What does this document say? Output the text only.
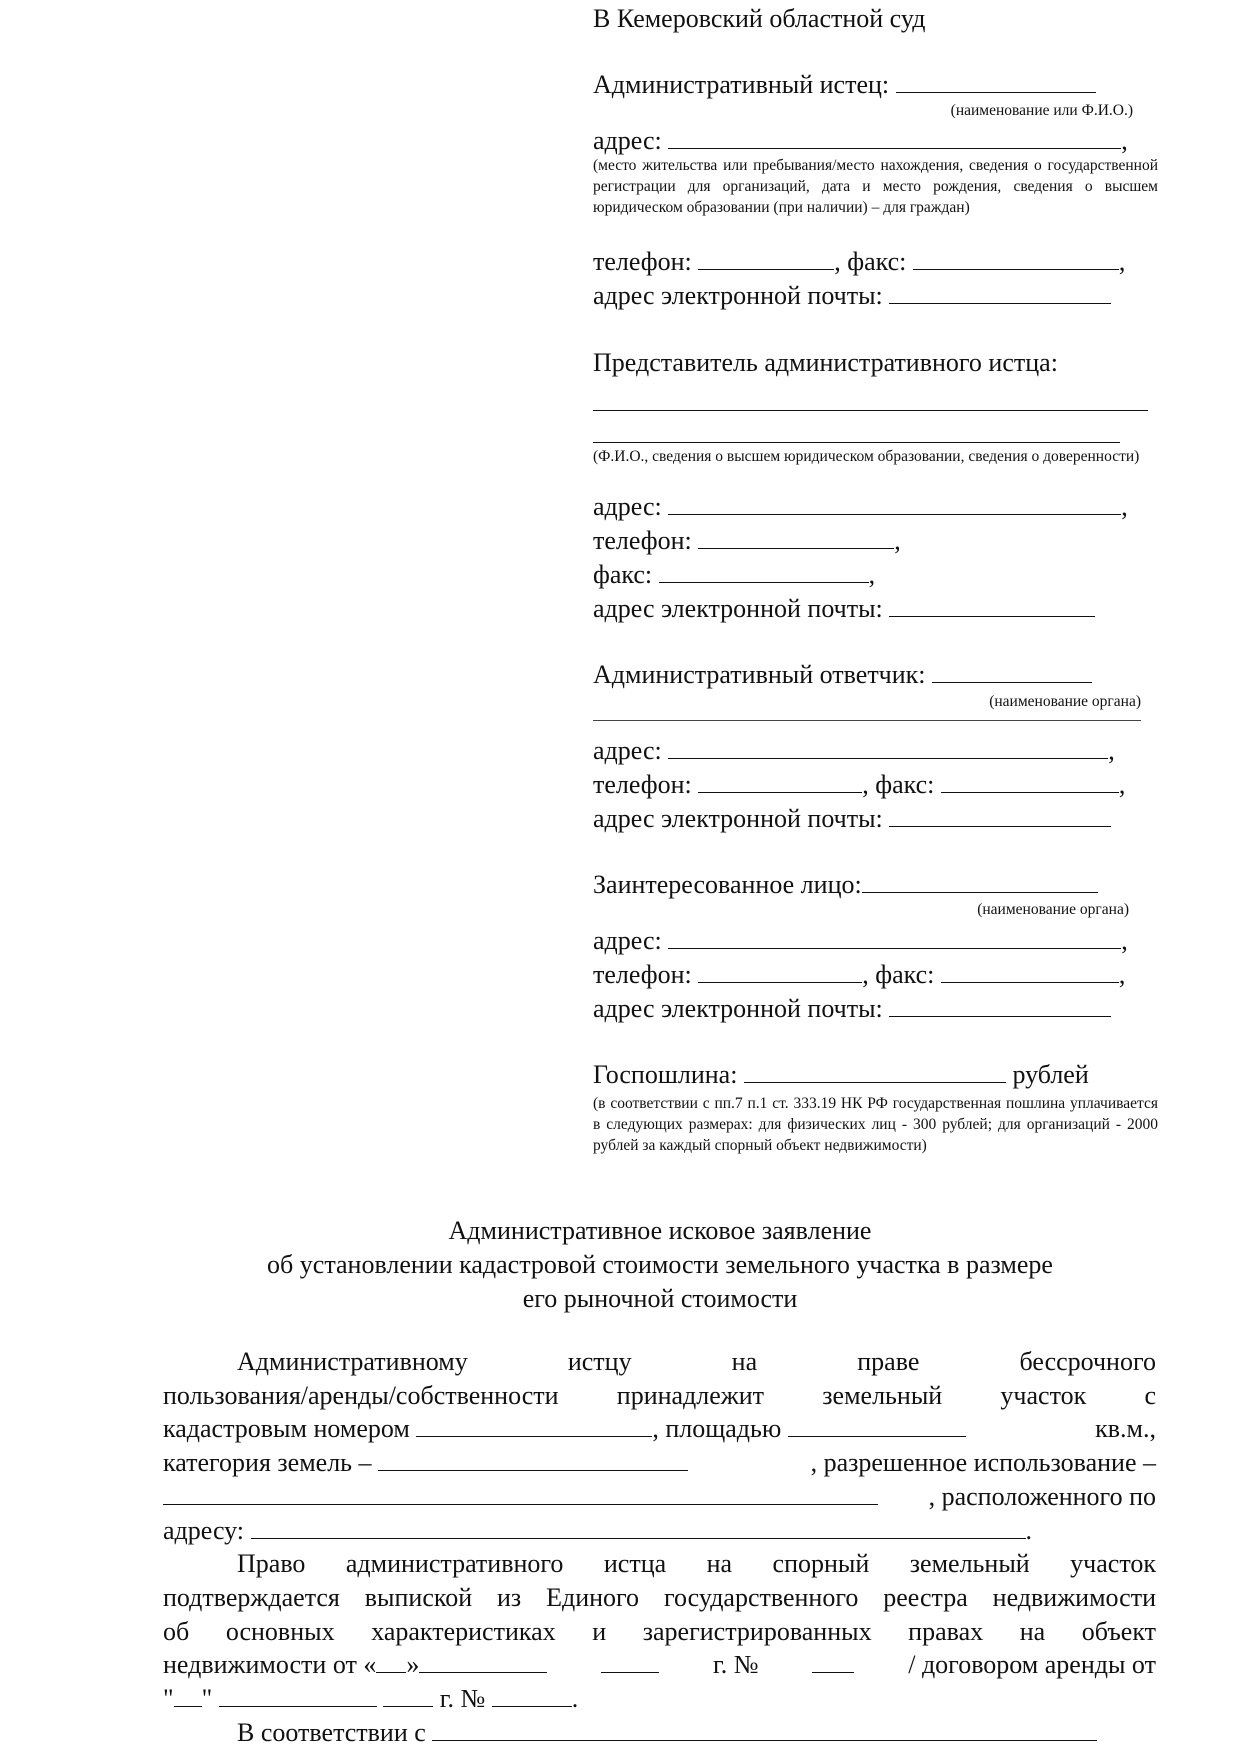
В Кемеровский областной суд
Административный истец:
(наименование или Ф.И.О.)
адрес:	,
(место жительства или пребывания/место нахождения, сведения о государственной регистрации для организаций, дата и место рождения, сведения о высшем юридическом образовании (при наличии) – для граждан)
телефон:	, факс:	,
адрес электронной почты:
Представитель административного истца:
(Ф.И.О., сведения о высшем юридическом образовании, сведения о доверенности)
адрес:	,
телефон:	,
факс:	,
адрес электронной почты:
Административный ответчик:
(наименование органа)
адрес:	,
телефон:	, факс:	,
адрес электронной почты:
Заинтересованное лицо:
(наименование органа)
адрес:	,
телефон:	, факс:	,
адрес электронной почты:
Госпошлина:	рублей
(в соответствии с пп.7 п.1 ст. 333.19 НК РФ государственная пошлина уплачивается в следующих размерах: для физических лиц - 300 рублей; для организаций - 2000 рублей за каждый спорный объект недвижимости)
Административное исковое заявление
об установлении кадастровой стоимости земельного участка в размере
его рыночной стоимости
Административному истцу на праве бессрочного
пользования/аренды/собственности принадлежит земельный участок с
кадастровым номером	, площадью	кв.м.,
категория земель –	, разрешенное использование –
, расположенного по
адресу:	.
Право административного истца на спорный земельный участок
подтверждается выпиской из Единого государственного реестра недвижимости
об основных характеристиках и зарегистрированных правах на объект
недвижимости от « »	г. №	/ договором аренды от
" "	г. №	.
В соответствии с
